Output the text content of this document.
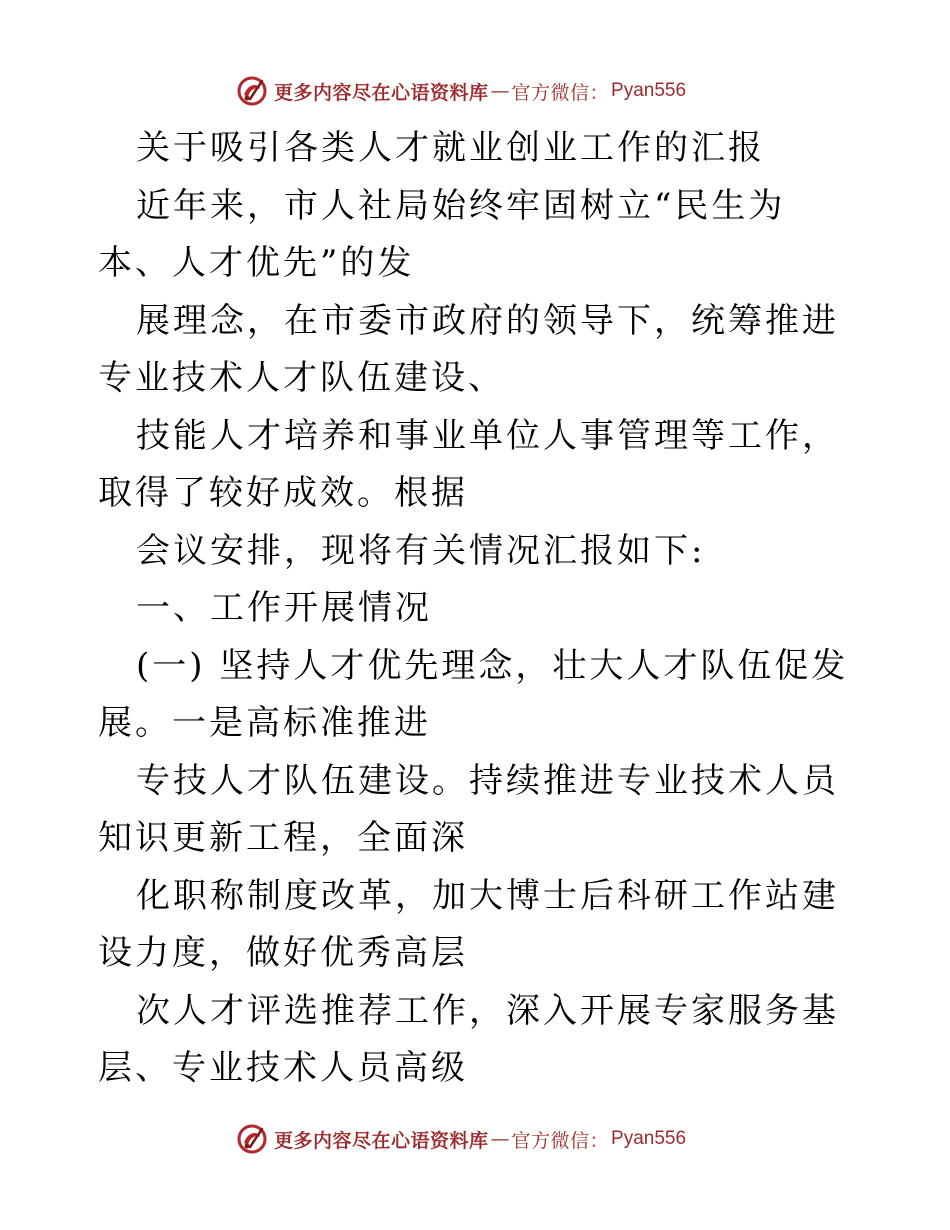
更多内容尽在心语资料库 — 官方微信： Pyan556

关于吸引各类人才就业创业工作的汇报

近年来，市人社局始终牢固树立“民生为本、人才优先”的发

展理念，在市委市政府的领导下，统筹推进专业技术人才队伍建设、

技能人才培养和事业单位人事管理等工作，取得了较好成效。根据

会议安排，现将有关情况汇报如下:

一、工作开展情况

(一) 坚持人才优先理念，壮大人才队伍促发展。一是高标准推进

专技人才队伍建设。持续推进专业技术人员知识更新工程，全面深

化职称制度改革，加大博士后科研工作站建设力度，做好优秀高层

次人才评选推荐工作，深入开展专家服务基层、专业技术人员高级

更多内容尽在心语资料库 — 官方微信： Pyan556
